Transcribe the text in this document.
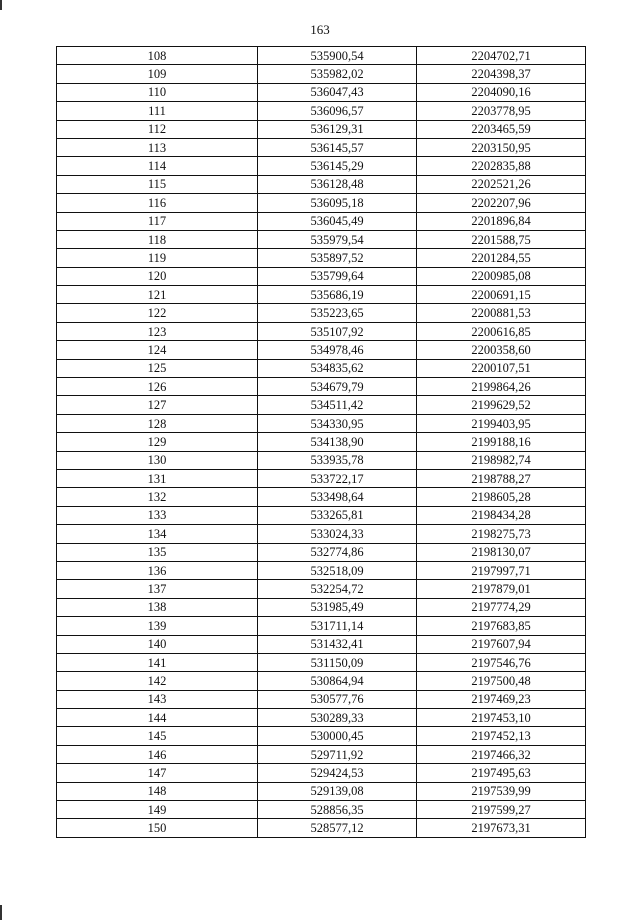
163
108	535900,54	2204702,71
109	535982,02	2204398,37
110	536047,43	2204090,16
111	536096,57	2203778,95
112	536129,31	2203465,59
113	536145,57	2203150,95
114	536145,29	2202835,88
115	536128,48	2202521,26
116	536095,18	2202207,96
117	536045,49	2201896,84
118	535979,54	2201588,75
119	535897,52	2201284,55
120	535799,64	2200985,08
121	535686,19	2200691,15
122	535223,65	2200881,53
123	535107,92	2200616,85
124	534978,46	2200358,60
125	534835,62	2200107,51
126	534679,79	2199864,26
127	534511,42	2199629,52
128	534330,95	2199403,95
129	534138,90	2199188,16
130	533935,78	2198982,74
131	533722,17	2198788,27
132	533498,64	2198605,28
133	533265,81	2198434,28
134	533024,33	2198275,73
135	532774,86	2198130,07
136	532518,09	2197997,71
137	532254,72	2197879,01
138	531985,49	2197774,29
139	531711,14	2197683,85
140	531432,41	2197607,94
141	531150,09	2197546,76
142	530864,94	2197500,48
143	530577,76	2197469,23
144	530289,33	2197453,10
145	530000,45	2197452,13
146	529711,92	2197466,32
147	529424,53	2197495,63
148	529139,08	2197539,99
149	528856,35	2197599,27
150	528577,12	2197673,31
